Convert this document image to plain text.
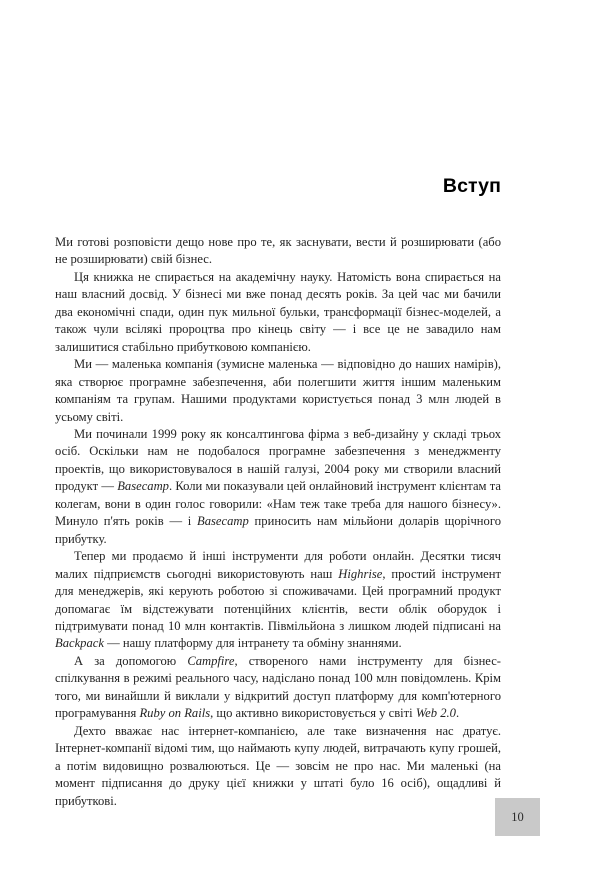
Вступ

Ми готові розповісти дещо нове про те, як заснувати, вести й розширювати (або не розширювати) свій бізнес.

Ця книжка не спирається на академічну науку. Натомість вона спирається на наш власний досвід. У бізнесі ми вже понад десять років. За цей час ми бачили два економічні спади, один пук мильної бульки, трансформації бізнес-моделей, а також чули всілякі пророцтва про кінець світу — і все це не завадило нам залишитися стабільно прибутковою компанією.

Ми — маленька компанія (зумисне маленька — відповідно до наших намірів), яка створює програмне забезпечення, аби полегшити життя іншим маленьким компаніям та групам. Нашими продуктами користується понад 3 млн людей в усьому світі.

Ми починали 1999 року як консалтингова фірма з веб-дизайну у складі трьох осіб. Оскільки нам не подобалося програмне забезпечення з менеджменту проектів, що використовувалося в нашій галузі, 2004 року ми створили власний продукт — Basecamp. Коли ми показували цей онлайновий інструмент клієнтам та колегам, вони в один голос говорили: «Нам теж таке треба для нашого бізнесу». Минуло п'ять років — і Basecamp приносить нам мільйони доларів щорічного прибутку.

Тепер ми продаємо й інші інструменти для роботи онлайн. Десятки тисяч малих підприємств сьогодні використовують наш Highrise, простий інструмент для менеджерів, які керують роботою зі споживачами. Цей програмний продукт допомагає їм відстежувати потенційних клієнтів, вести облік оборудок і підтримувати понад 10 млн контактів. Півмільйона з лишком людей підписані на Backpack — нашу платформу для інтранету та обміну знаннями.

А за допомогою Campfire, створеного нами інструменту для бізнес-спілкування в режимі реального часу, надіслано понад 100 млн повідомлень. Крім того, ми винайшли й виклали у відкритий доступ платформу для комп'ютерного програмування Ruby on Rails, що активно використовується у світі Web 2.0.

Дехто вважає нас інтернет-компанією, але таке визначення нас дратує. Інтернет-компанії відомі тим, що наймають купу людей, витрачають купу грошей, а потім видовищно розвалюються. Це — зовсім не про нас. Ми маленькі (на момент підписання до друку цієї книжки у штаті було 16 осіб), ощадливі й прибуткові.

10
